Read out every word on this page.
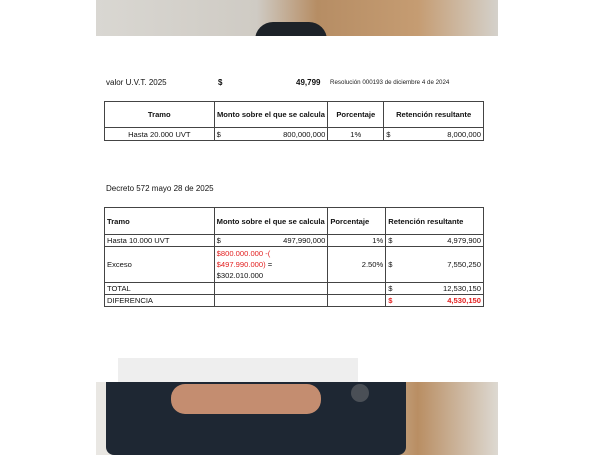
valor U.V.T. 2025	$	49,799 Resolución 000193 de diciembre 4 de 2024
Tramo	Monto sobre el que se calcula	Porcentaje	Retención resultante
Hasta 20.000 UVT	$ 800,000,000	1%	$ 8,000,000
Decreto 572 mayo 28 de 2025
Tramo	Monto sobre el que se calcula	Porcentaje	Retención resultante
Hasta 10.000 UVT	$ 497,990,000	1%	$ 4,979,900

Exceso	$800.000.000 -(
$497.990.000) =
$302.010.000	2.50%	$ 7,550,250

TOTAL			$ 12,530,150

DIFERENCIA			$ 4,530,150
